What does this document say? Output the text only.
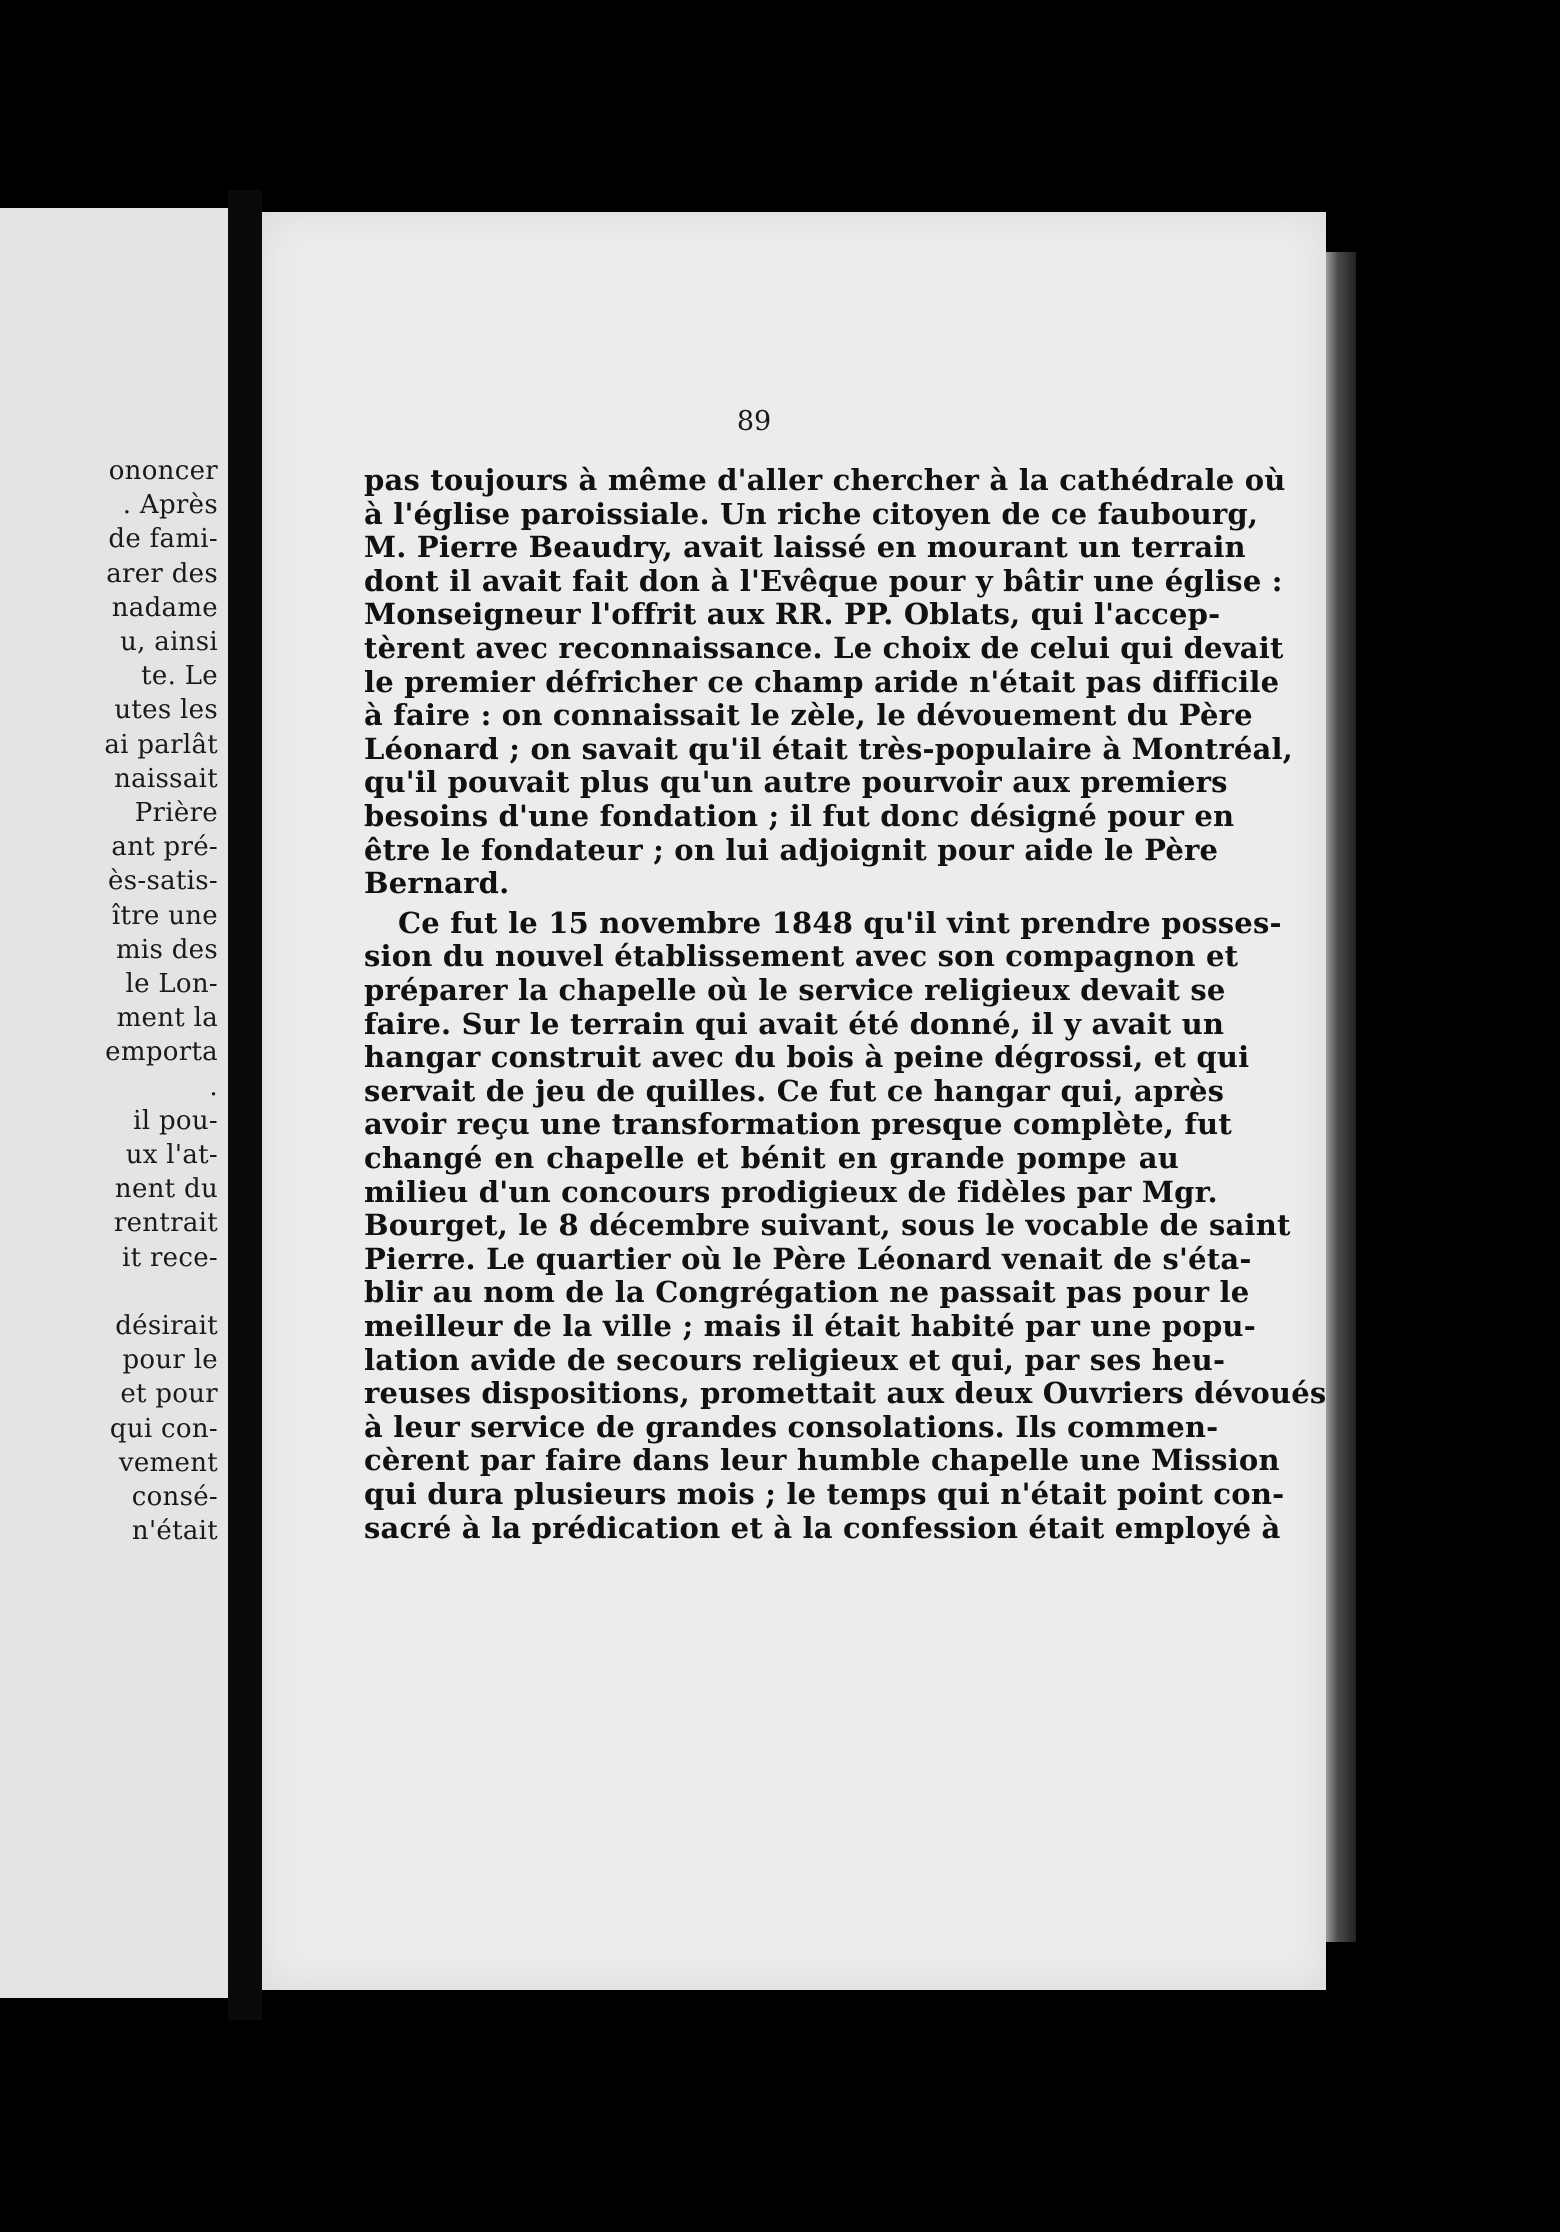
ononcer
. Après
de fami-
arer des
nadame
u, ainsi
te. Le
utes les
ai parlât
naissait
Prière
ant pré-
ès-satis-
ître une
mis des
le Lon-
ment la
emporta
.
il pou-
ux l'at-
nent du
rentrait
it rece-
désirait
pour le
et pour
qui con-
vement
consé-
n'était
89
pas toujours à même d'aller chercher à la cathédrale où
à l'église paroissiale. Un riche citoyen de ce faubourg,
M. Pierre Beaudry, avait laissé en mourant un terrain
dont il avait fait don à l'Evêque pour y bâtir une église :
Monseigneur l'offrit aux RR. PP. Oblats, qui l'accep-
tèrent avec reconnaissance. Le choix de celui qui devait
le premier défricher ce champ aride n'était pas difficile
à faire : on connaissait le zèle, le dévouement du Père
Léonard ; on savait qu'il était très-populaire à Montréal,
qu'il pouvait plus qu'un autre pourvoir aux premiers
besoins d'une fondation ; il fut donc désigné pour en
être le fondateur ; on lui adjoignit pour aide le Père
Bernard.
Ce fut le 15 novembre 1848 qu'il vint prendre posses-
sion du nouvel établissement avec son compagnon et
préparer la chapelle où le service religieux devait se
faire. Sur le terrain qui avait été donné, il y avait un
hangar construit avec du bois à peine dégrossi, et qui
servait de jeu de quilles. Ce fut ce hangar qui, après
avoir reçu une transformation presque complète, fut
changé en chapelle et bénit en grande pompe au
milieu d'un concours prodigieux de fidèles par Mgr.
Bourget, le 8 décembre suivant, sous le vocable de saint
Pierre. Le quartier où le Père Léonard venait de s'éta-
blir au nom de la Congrégation ne passait pas pour le
meilleur de la ville ; mais il était habité par une popu-
lation avide de secours religieux et qui, par ses heu-
reuses dispositions, promettait aux deux Ouvriers dévoués
à leur service de grandes consolations. Ils commen-
cèrent par faire dans leur humble chapelle une Mission
qui dura plusieurs mois ; le temps qui n'était point con-
sacré à la prédication et à la confession était employé à
